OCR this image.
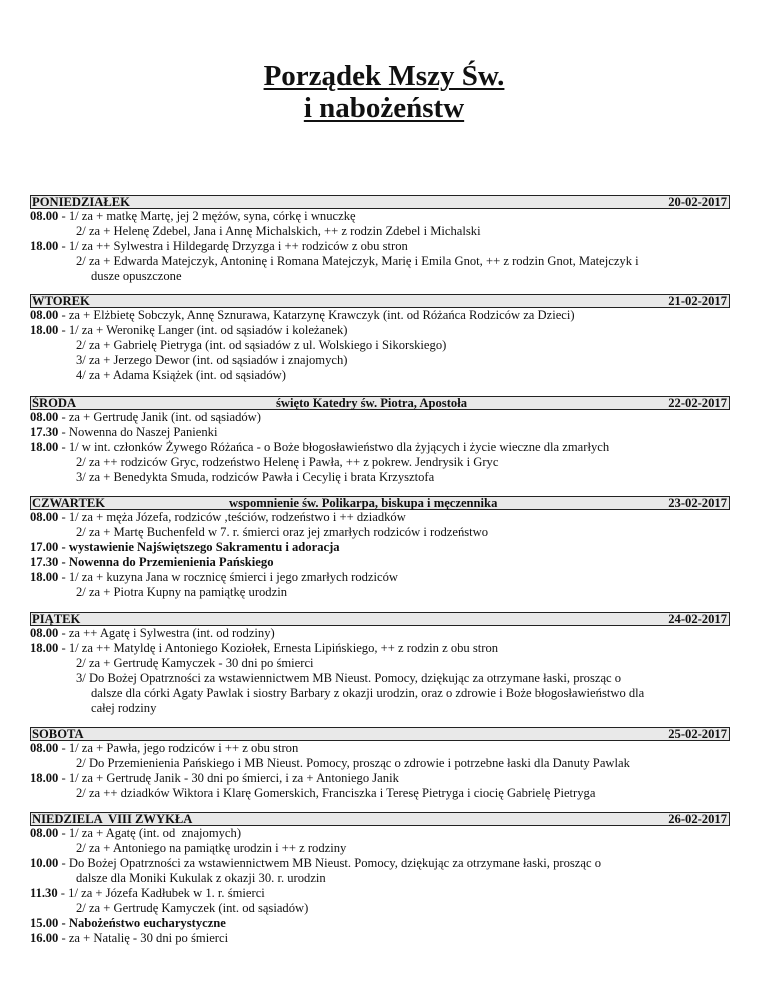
Porządek Mszy Św.
i nabożeństw
PONIEDZIAŁEK	20-02-2017
08.00 - 1/ za + matkę Martę, jej 2 mężów, syna, córkę i wnuczkę
2/ za + Helenę Zdebel, Jana i Annę Michalskich, ++ z rodzin Zdebel i Michalski
18.00 - 1/ za ++ Sylwestra i Hildegardę Drzyzga i ++ rodziców z obu stron
2/ za + Edwarda Matejczyk, Antoninę i Romana Matejczyk, Marię i Emila Gnot, ++ z rodzin Gnot, Matejczyk i
dusze opuszczone
WTOREK	21-02-2017
08.00 - za + Elżbietę Sobczyk, Annę Sznurawa, Katarzynę Krawczyk (int. od Różańca Rodziców za Dzieci)
18.00 - 1/ za + Weronikę Langer (int. od sąsiadów i koleżanek)
2/ za + Gabrielę Pietryga (int. od sąsiadów z ul. Wolskiego i Sikorskiego)
3/ za + Jerzego Dewor (int. od sąsiadów i znajomych)
4/ za + Adama Książek (int. od sąsiadów)
ŚRODA	święto Katedry św. Piotra, Apostoła	22-02-2017
08.00 - za + Gertrudę Janik (int. od sąsiadów)
17.30 - Nowenna do Naszej Panienki
18.00 - 1/ w int. członków Żywego Różańca - o Boże błogosławieństwo dla żyjących i życie wieczne dla zmarłych
2/ za ++ rodziców Gryc, rodzeństwo Helenę i Pawła, ++ z pokrew. Jendrysik i Gryc
3/ za + Benedykta Smuda, rodziców Pawła i Cecylię i brata Krzysztofa
CZWARTEK	wspomnienie św. Polikarpa, biskupa i męczennika	23-02-2017
08.00 - 1/ za + męża Józefa, rodziców ,teściów, rodzeństwo i ++ dziadków
2/ za + Martę Buchenfeld w 7. r. śmierci oraz jej zmarłych rodziców i rodzeństwo
17.00 - wystawienie Najświętszego Sakramentu i adoracja
17.30 - Nowenna do Przemienienia Pańskiego
18.00 - 1/ za + kuzyna Jana w rocznicę śmierci i jego zmarłych rodziców
2/ za + Piotra Kupny na pamiątkę urodzin
PIĄTEK	24-02-2017
08.00 - za ++ Agatę i Sylwestra (int. od rodziny)
18.00 - 1/ za ++ Matyldę i Antoniego Koziołek, Ernesta Lipińskiego, ++ z rodzin z obu stron
2/ za + Gertrudę Kamyczek - 30 dni po śmierci
3/ Do Bożej Opatrzności za wstawiennictwem MB Nieust. Pomocy, dziękując za otrzymane łaski, prosząc o
dalsze dla córki Agaty Pawlak i siostry Barbary z okazji urodzin, oraz o zdrowie i Boże błogosławieństwo dla
całej rodziny
SOBOTA	25-02-2017
08.00 - 1/ za + Pawła, jego rodziców i ++ z obu stron
2/ Do Przemienienia Pańskiego i MB Nieust. Pomocy, prosząc o zdrowie i potrzebne łaski dla Danuty Pawlak
18.00 - 1/ za + Gertrudę Janik - 30 dni po śmierci, i za + Antoniego Janik
2/ za ++ dziadków Wiktora i Klarę Gomerskich, Franciszka i Teresę Pietryga i ciocię Gabrielę Pietryga
NIEDZIELA  VIII ZWYKŁA	26-02-2017
08.00 - 1/ za + Agatę (int. od  znajomych)
2/ za + Antoniego na pamiątkę urodzin i ++ z rodziny
10.00 - Do Bożej Opatrzności za wstawiennictwem MB Nieust. Pomocy, dziękując za otrzymane łaski, prosząc o
dalsze dla Moniki Kukulak z okazji 30. r. urodzin
11.30 - 1/ za + Józefa Kadłubek w 1. r. śmierci
2/ za + Gertrudę Kamyczek (int. od sąsiadów)
15.00 - Nabożeństwo eucharystyczne
16.00 - za + Natalię - 30 dni po śmierci
